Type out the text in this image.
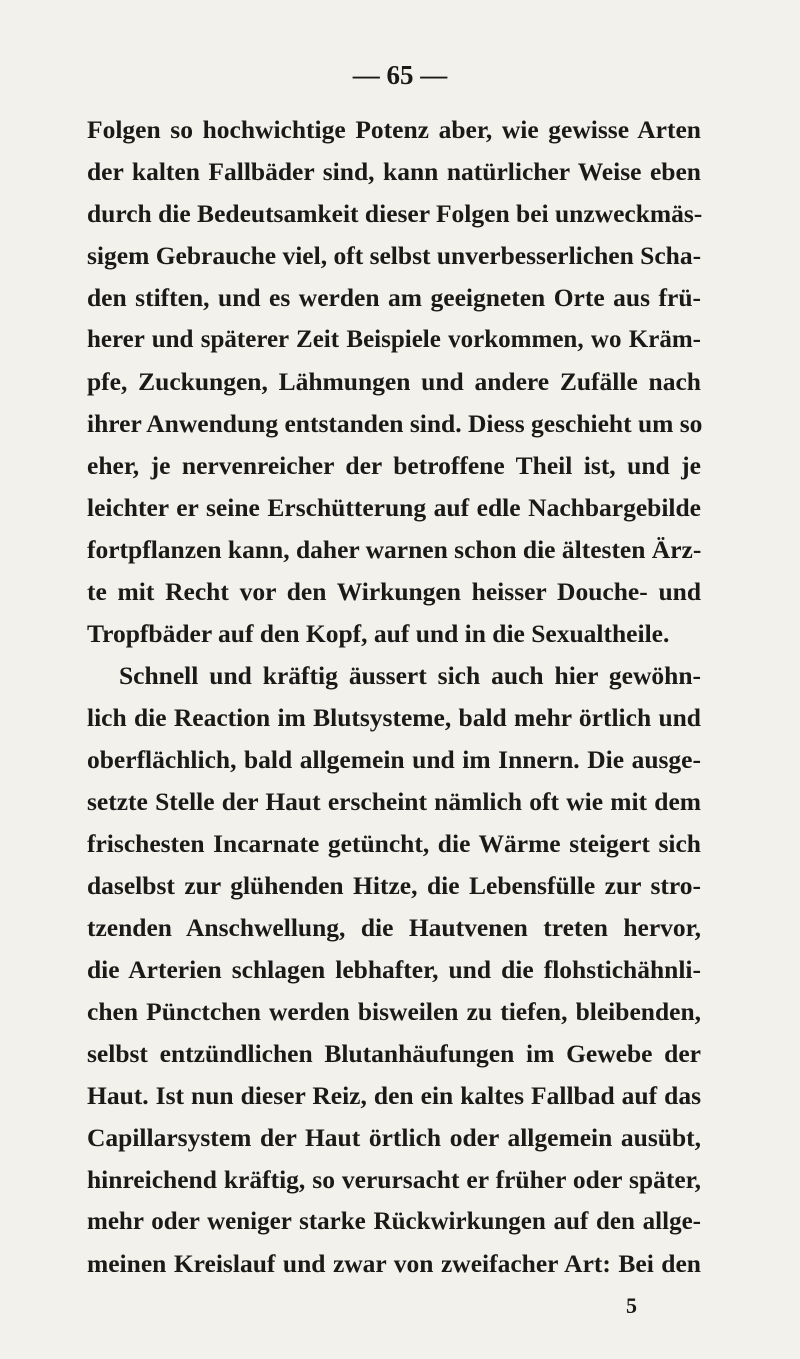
— 65 —
Folgen so hochwichtige Potenz aber, wie gewisse Arten
der kalten Fallbäder sind, kann natürlicher Weise eben
durch die Bedeutsamkeit dieser Folgen bei unzweckmäs-
sigem Gebrauche viel, oft selbst unverbesserlichen Scha-
den stiften, und es werden am geeigneten Orte aus frü-
herer und späterer Zeit Beispiele vorkommen, wo Kräm-
pfe, Zuckungen, Lähmungen und andere Zufälle nach
ihrer Anwendung entstanden sind. Diess geschieht um so
eher, je nervenreicher der betroffene Theil ist, und je
leichter er seine Erschütterung auf edle Nachbargebilde
fortpflanzen kann, daher warnen schon die ältesten Ärz-
te mit Recht vor den Wirkungen heisser Douche- und
Tropfbäder auf den Kopf, auf und in die Sexualtheile.
Schnell und kräftig äussert sich auch hier gewöhn-
lich die Reaction im Blutsysteme, bald mehr örtlich und
oberflächlich, bald allgemein und im Innern. Die ausge-
setzte Stelle der Haut erscheint nämlich oft wie mit dem
frischesten Incarnate getüncht, die Wärme steigert sich
daselbst zur glühenden Hitze, die Lebensfülle zur stro-
tzenden Anschwellung, die Hautvenen treten hervor,
die Arterien schlagen lebhafter, und die flohstichähnli-
chen Pünctchen werden bisweilen zu tiefen, bleibenden,
selbst entzündlichen Blutanhäufungen im Gewebe der
Haut. Ist nun dieser Reiz, den ein kaltes Fallbad auf das
Capillarsystem der Haut örtlich oder allgemein ausübt,
hinreichend kräftig, so verursacht er früher oder später,
mehr oder weniger starke Rückwirkungen auf den allge-
meinen Kreislauf und zwar von zweifacher Art: Bei den
5
